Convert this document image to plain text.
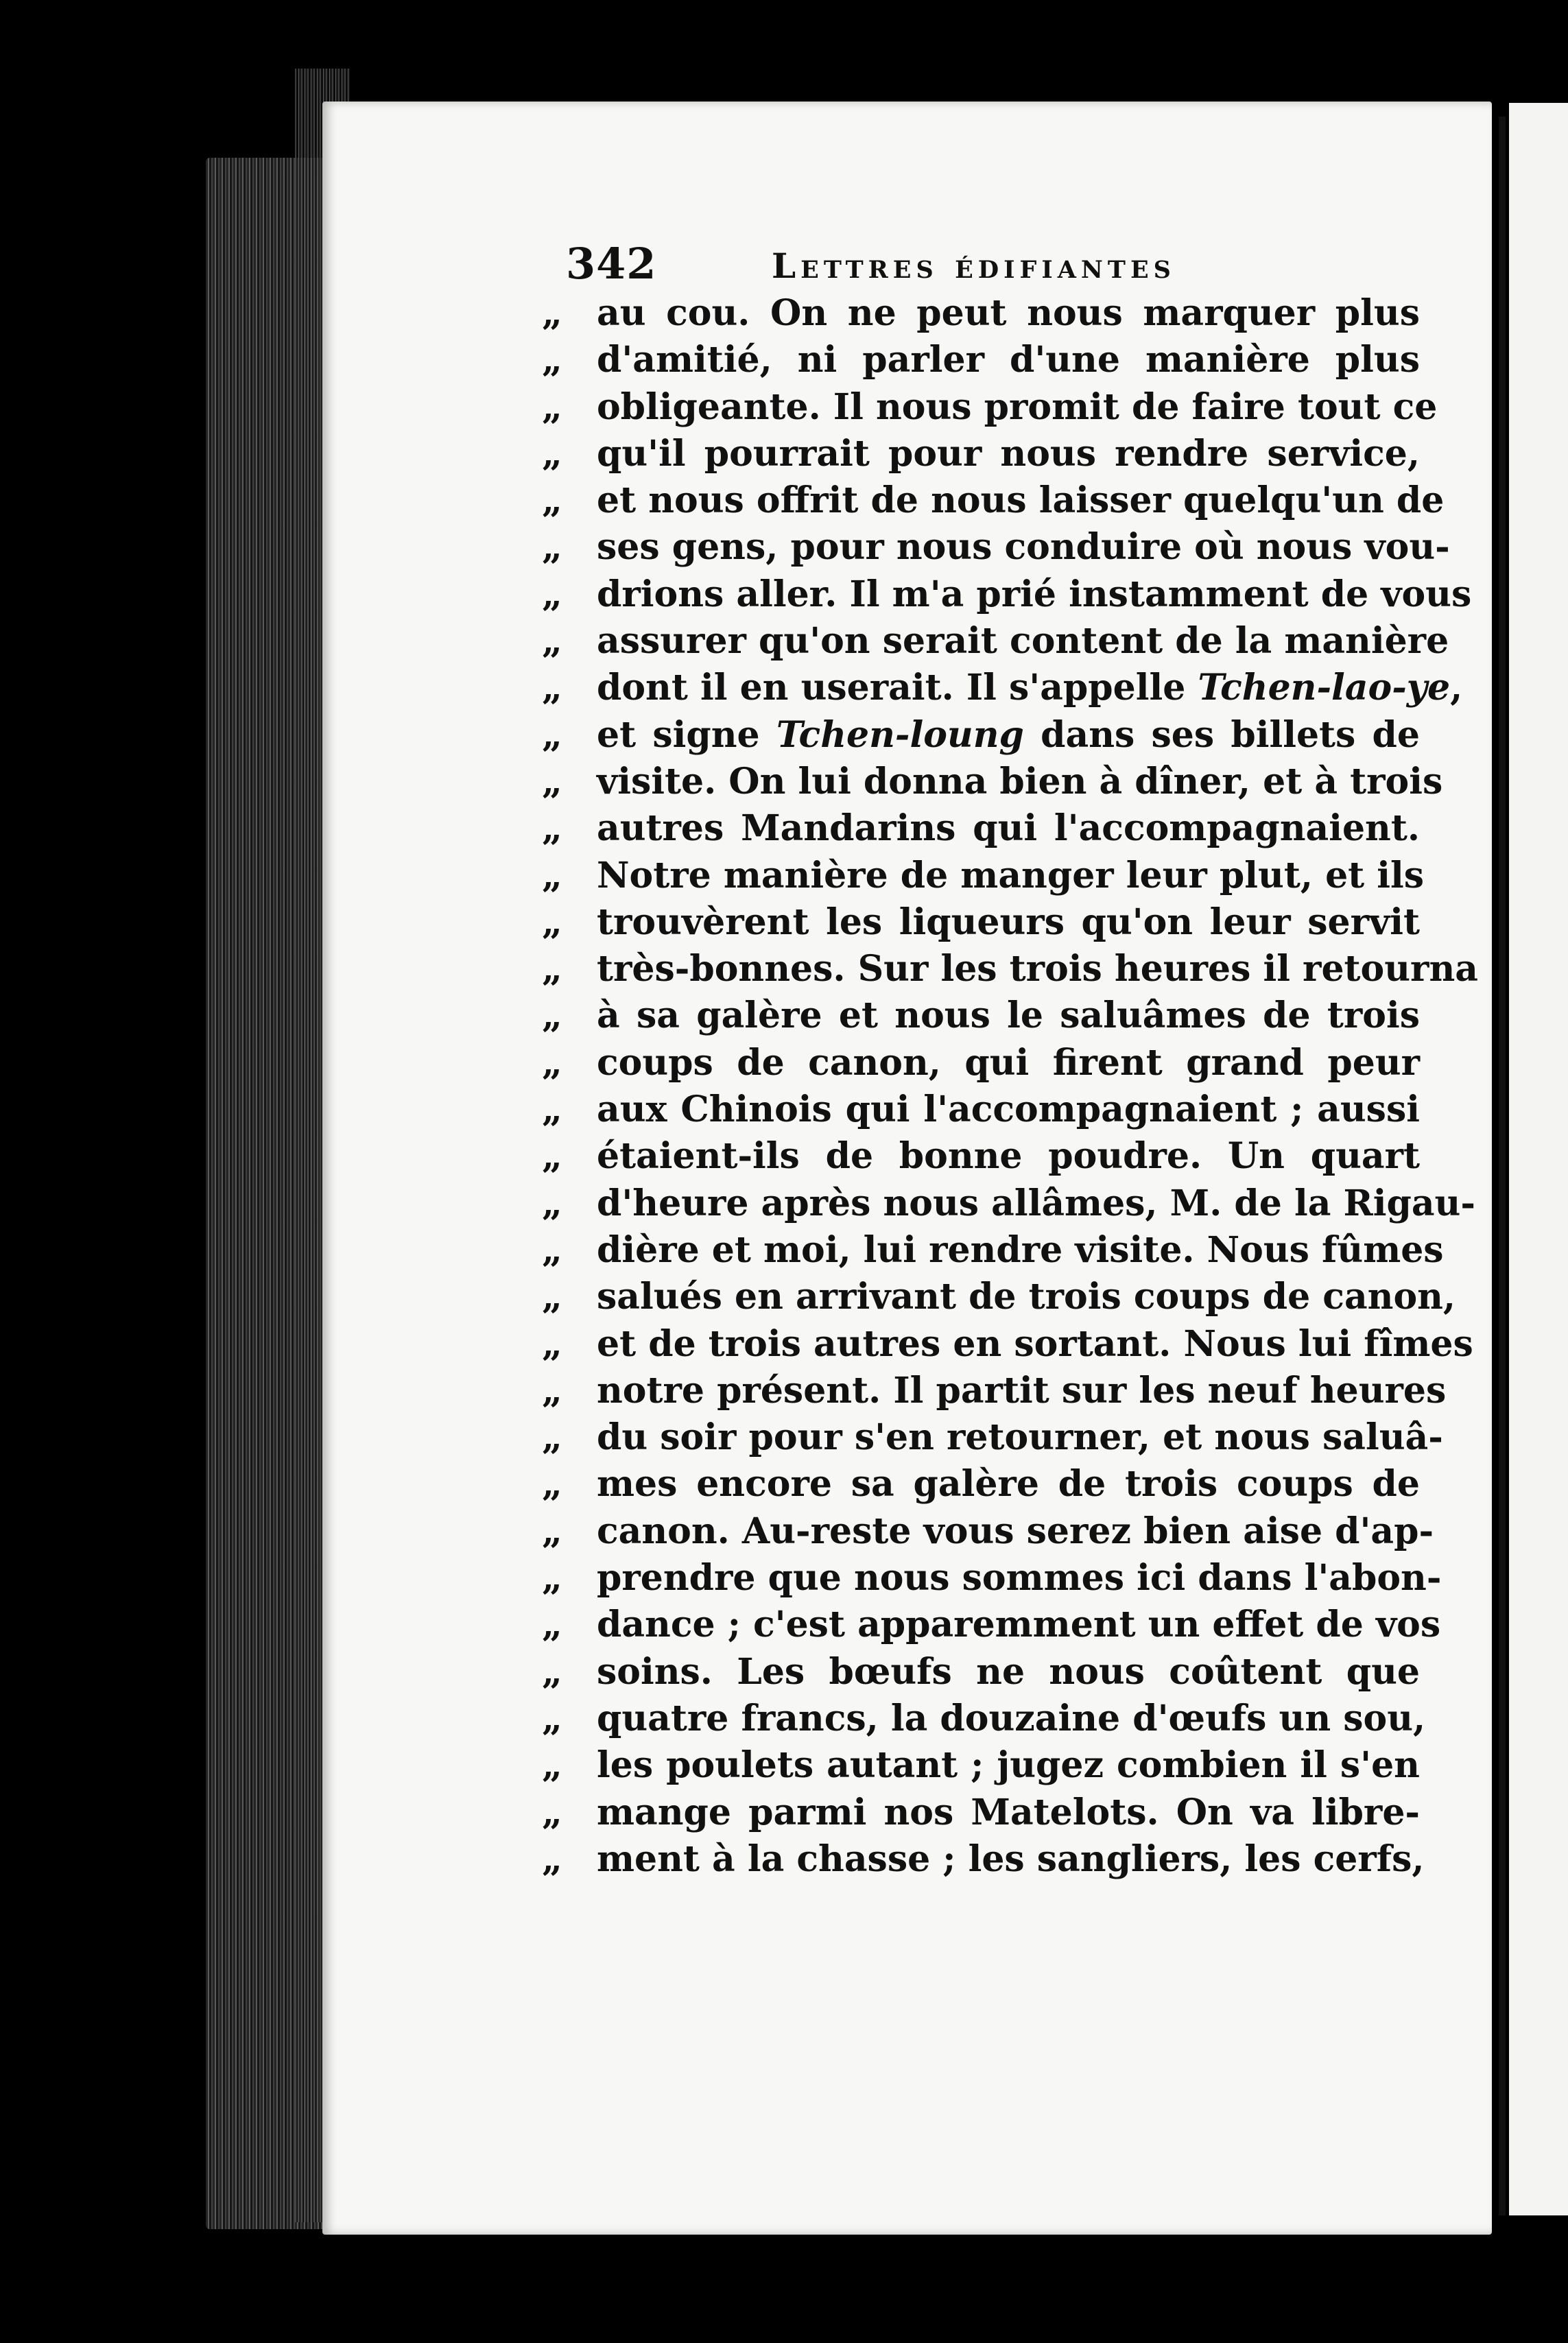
342	Lettres édifiantes
„ au cou. On ne peut nous marquer plus
„ d'amitié, ni parler d'une manière plus
„ obligeante. Il nous promit de faire tout ce
„ qu'il pourrait pour nous rendre service,
„ et nous offrit de nous laisser quelqu'un de
„ ses gens, pour nous conduire où nous vou-
„ drions aller. Il m'a prié instamment de vous
„ assurer qu'on serait content de la manière
„ dont il en userait. Il s'appelle Tchen-lao-ye,
„ et signe Tchen-loung dans ses billets de
„ visite. On lui donna bien à dîner, et à trois
„ autres Mandarins qui l'accompagnaient.
„ Notre manière de manger leur plut, et ils
„ trouvèrent les liqueurs qu'on leur servit
„ très-bonnes. Sur les trois heures il retourna
„ à sa galère et nous le saluâmes de trois
„ coups de canon, qui firent grand peur
„ aux Chinois qui l'accompagnaient ; aussi
„ étaient-ils de bonne poudre. Un quart
„ d'heure après nous allâmes, M. de la Rigau-
„ dière et moi, lui rendre visite. Nous fûmes
„ salués en arrivant de trois coups de canon,
„ et de trois autres en sortant. Nous lui fîmes
„ notre présent. Il partit sur les neuf heures
„ du soir pour s'en retourner, et nous saluâ-
„ mes encore sa galère de trois coups de
„ canon. Au-reste vous serez bien aise d'ap-
„ prendre que nous sommes ici dans l'abon-
„ dance ; c'est apparemment un effet de vos
„ soins. Les bœufs ne nous coûtent que
„ quatre francs, la douzaine d'œufs un sou,
„ les poulets autant ; jugez combien il s'en
„ mange parmi nos Matelots. On va libre-
„ ment à la chasse ; les sangliers, les cerfs,
